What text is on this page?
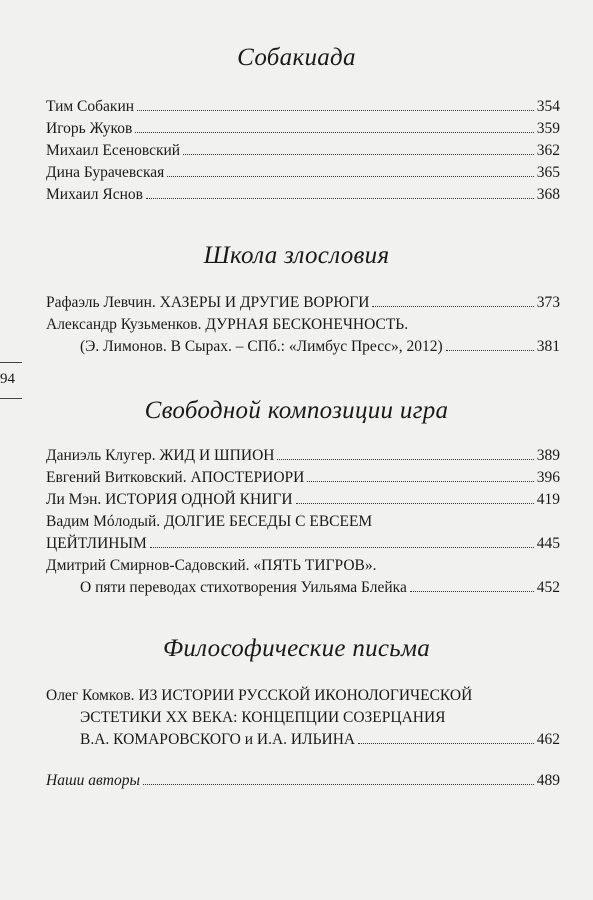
94
Собакиада
Тим Собакин	354
Игорь Жуков	359
Михаил Есеновский	362
Дина Бурачевская	365
Михаил Яснов	368
Школа злословия
Рафаэль Левчин. ХАЗЕРЫ И ДРУГИЕ ВОРЮГИ	373
Александр Кузьменков. ДУРНАЯ БЕСКОНЕЧНОСТЬ.
(Э. Лимонов. В Сырах. – СПб.: «Лимбус Пресс», 2012)	381
Свободной композиции игра
Даниэль Клугер. ЖИД И ШПИОН	389
Евгений Витковский. АПОСТЕРИОРИ	396
Ли Мэн. ИСТОРИЯ ОДНОЙ КНИГИ	419
Вадим Мóлодый. ДОЛГИЕ БЕСЕДЫ С ЕВСЕЕМ
ЦЕЙТЛИНЫМ	445
Дмитрий Смирнов-Садовский. «ПЯТЬ ТИГРОВ».
О пяти переводах стихотворения Уильяма Блейка	452
Философические письма
Олег Комков. ИЗ ИСТОРИИ РУССКОЙ ИКОНОЛОГИЧЕСКОЙ
ЭСТЕТИКИ XX ВЕКА: КОНЦЕПЦИИ СОЗЕРЦАНИЯ
В.А. КОМАРОВСКОГО и И.А. ИЛЬИНА	462
Наши авторы	489
